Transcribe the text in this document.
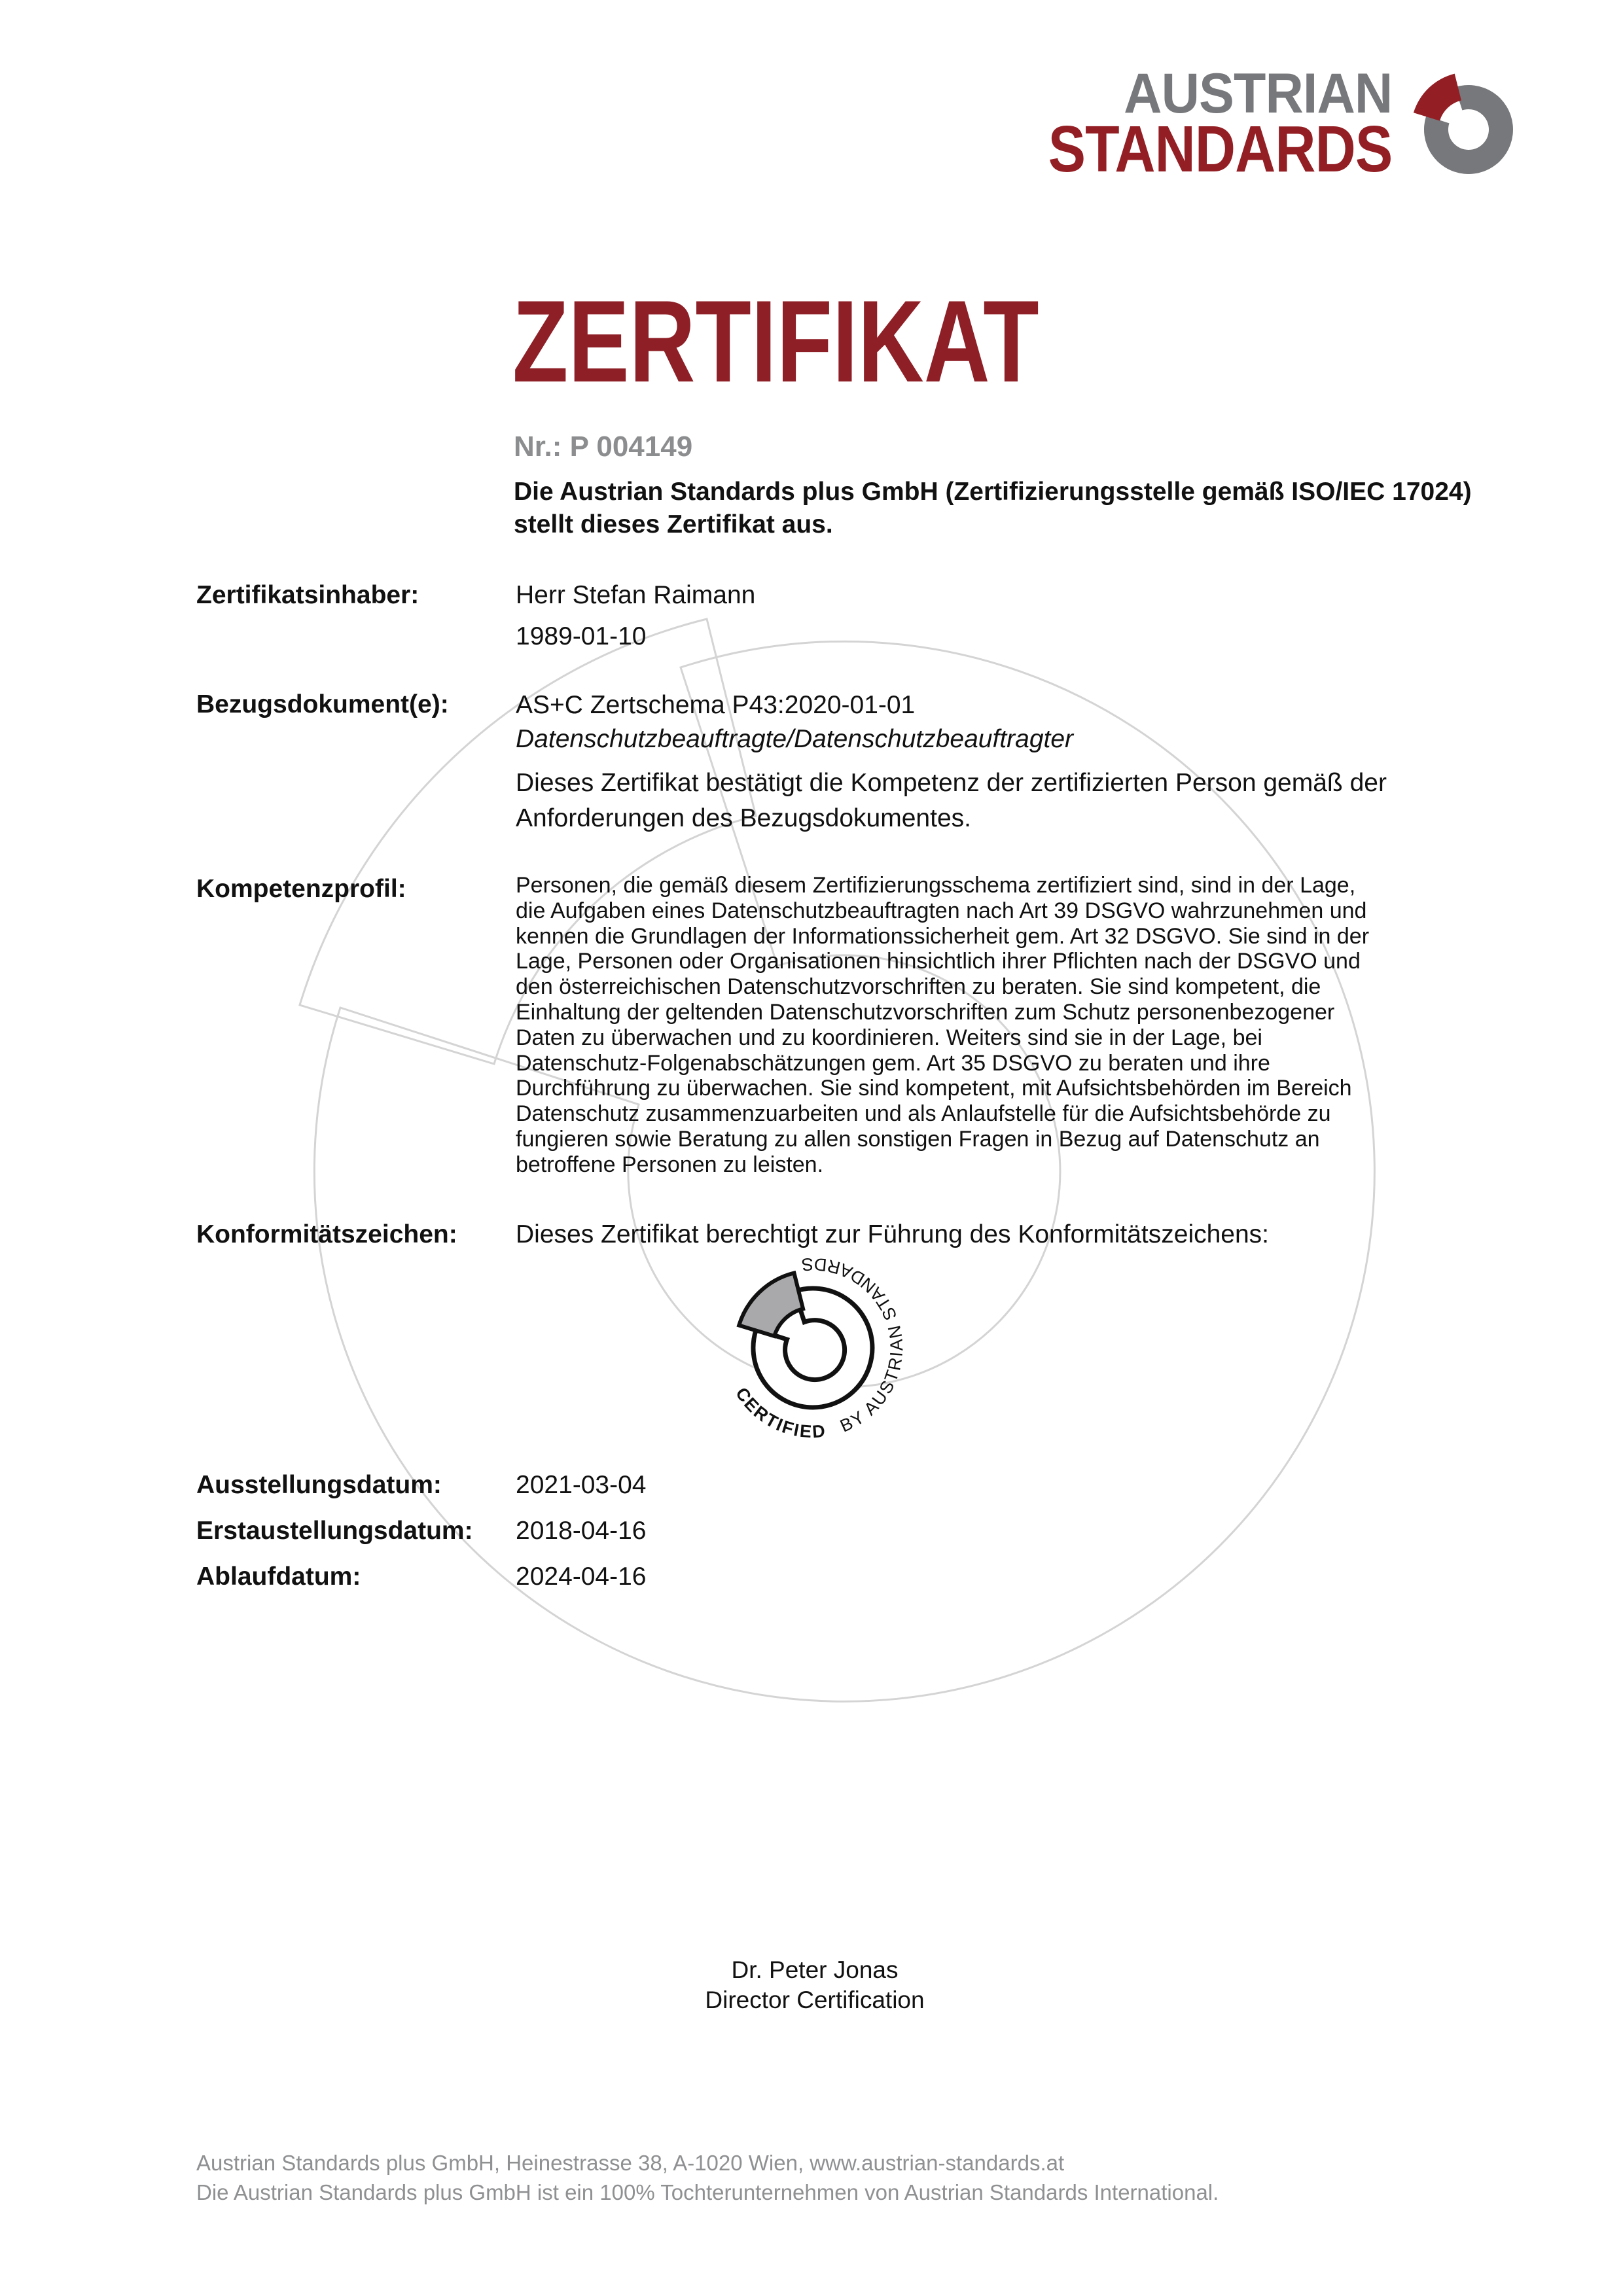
AUSTRIAN
STANDARDS
ZERTIFIKAT
Nr.: P 004149
Die Austrian Standards plus GmbH (Zertifizierungsstelle gemäß ISO/IEC 17024)
stellt dieses Zertifikat aus.
Zertifikatsinhaber:	Herr Stefan Raimann
1989-01-10
Bezugsdokument(e):	AS+C Zertschema P43:2020-01-01 Datenschutzbeauftragte/Datenschutzbeauftragter
Dieses Zertifikat bestätigt die Kompetenz der zertifizierten Person gemäß der Anforderungen des Bezugsdokumentes.
Kompetenzprofil:	Personen, die gemäß diesem Zertifizierungsschema zertifiziert sind, sind in der Lage, die Aufgaben eines Datenschutzbeauftragten nach Art 39 DSGVO wahrzunehmen und kennen die Grundlagen der Informationssicherheit gem. Art 32 DSGVO. Sie sind in der Lage, Personen oder Organisationen hinsichtlich ihrer Pflichten nach der DSGVO und den österreichischen Datenschutzvorschriften zu beraten. Sie sind kompetent, die Einhaltung der geltenden Datenschutzvorschriften zum Schutz personenbezogener Daten zu überwachen und zu koordinieren. Weiters sind sie in der Lage, bei Datenschutz-Folgenabschätzungen gem. Art 35 DSGVO zu beraten und ihre Durchführung zu überwachen. Sie sind kompetent, mit Aufsichtsbehörden im Bereich Datenschutz zusammenzuarbeiten und als Anlaufstelle für die Aufsichtsbehörde zu fungieren sowie Beratung zu allen sonstigen Fragen in Bezug auf Datenschutz an betroffene Personen zu leisten.
Konformitätszeichen: Dieses Zertifikat berechtigt zur Führung des Konformitätszeichens:
CERTIFIED BY AUSTRIAN STANDARDS
Ausstellungsdatum:	2021-03-04
Erstaustellungsdatum: 2018-04-16
Ablaufdatum:	2024-04-16
Dr. Peter Jonas
Director Certification
Austrian Standards plus GmbH, Heinestrasse 38, A-1020 Wien, www.austrian-standards.at
Die Austrian Standards plus GmbH ist ein 100% Tochterunternehmen von Austrian Standards International.
